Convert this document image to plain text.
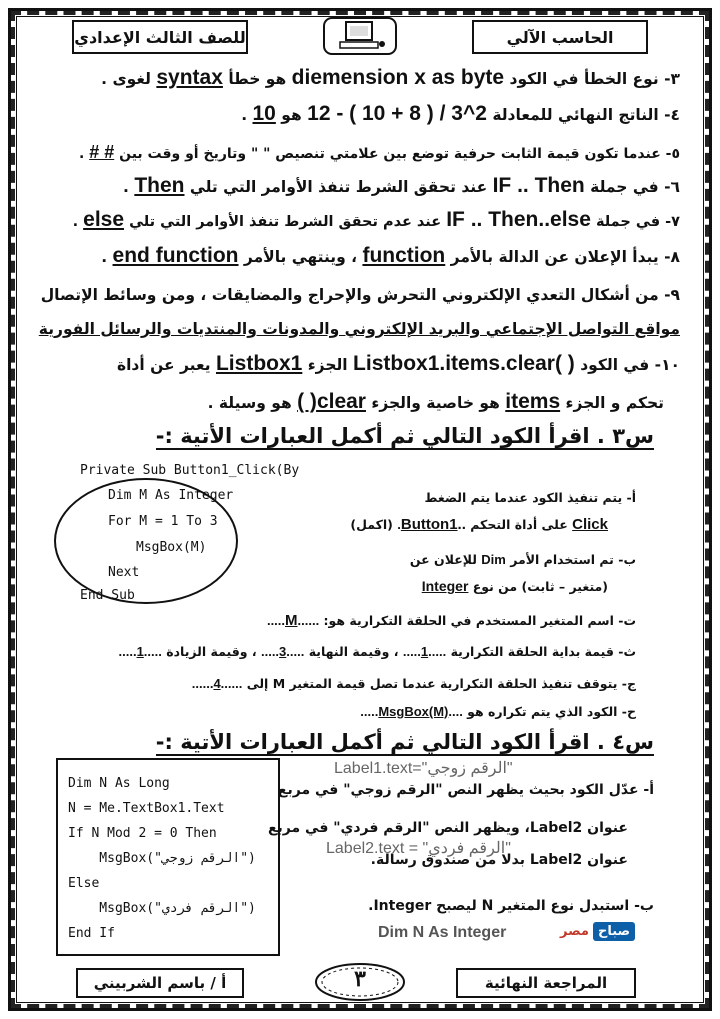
للصف الثالث الإعدادي	الحاسب الآلي
٣- نوع الخطأ في الكود diemension x as byte هو خطأ syntax لغوى .
٤- الناتج النهائي للمعادلة 12 - ( 10 + 8 ) / 3^2 هو 10 .
٥- عندما تكون قيمة الثابت حرفية توضع بين علامتي تنصيص " " وتاريخ أو وقت بين # # .
٦- في جملة IF .. Then عند تحقق الشرط تنفذ الأوامر التي تلي Then .
٧- في جملة IF .. Then..else عند عدم تحقق الشرط تنفذ الأوامر التي تلي else .
٨- يبدأ الإعلان عن الدالة بالأمر function ، وينتهي بالأمر end function .
٩- من أشكال التعدي الإلكتروني التحرش والإحراج والمضايقات ، ومن وسائط الإتصال
مواقع التواصل الإجتماعي والبريد الإلكتروني والمدونات والمنتديات والرسائل الفورية
١٠- في الكود Listbox1.items.clear( ) الجزء Listbox1 يعبر عن أداة
تحكم و الجزء items هو خاصية والجزء clear( ) هو وسيلة .
س٣ . اقرأ الكود التالي ثم أكمل العبارات الأتية :-
Private Sub Button1_Click(By
Dim M As Integer
For M = 1 To 3
MsgBox(M)
Next
End Sub
أ- يتم تنفيذ الكود عندما يتم الضغط
Click على أداة التحكم ..Button1. (اكمل)
ب- تم استخدام الأمر Dim للإعلان عن
(متغير – ثابت) من نوع Integer
ت- اسم المتغير المستخدم في الحلقة التكرارية هو: ......M.....
ث- قيمة بداية الحلقة التكرارية .....1..... ، وقيمة النهاية .....3..... ، وقيمة الزيادة .....1.....
ج- يتوقف تنفيذ الحلقة التكرارية عندما تصل قيمة المتغير M إلى ......4......
ح- الكود الذي يتم تكراره هو ....MsgBox(M).....
س٤ . اقرأ الكود التالي ثم أكمل العبارات الأتية :-
Dim N As Long
N = Me.TextBox1.Text
If N Mod 2 = 0 Then
MsgBox("الرقم زوجي")
Else
MsgBox("الرقم فردي")
End If
Label1.text="الرقم زوجي"
أ- عدّل الكود بحيث يظهر النص "الرقم زوجي" في مربع
عنوان Label2، ويظهر النص "الرقم فردي" في مربع
Label2.text = "الرقم فردي"
عنوان Label2 بدلا من صندوق رسالة.
ب- استبدل نوع المتغير N ليصبح Integer.
Dim N As Integer	صباح
مصر
أ / باسم الشربيني	المراجعة النهائية
٣
